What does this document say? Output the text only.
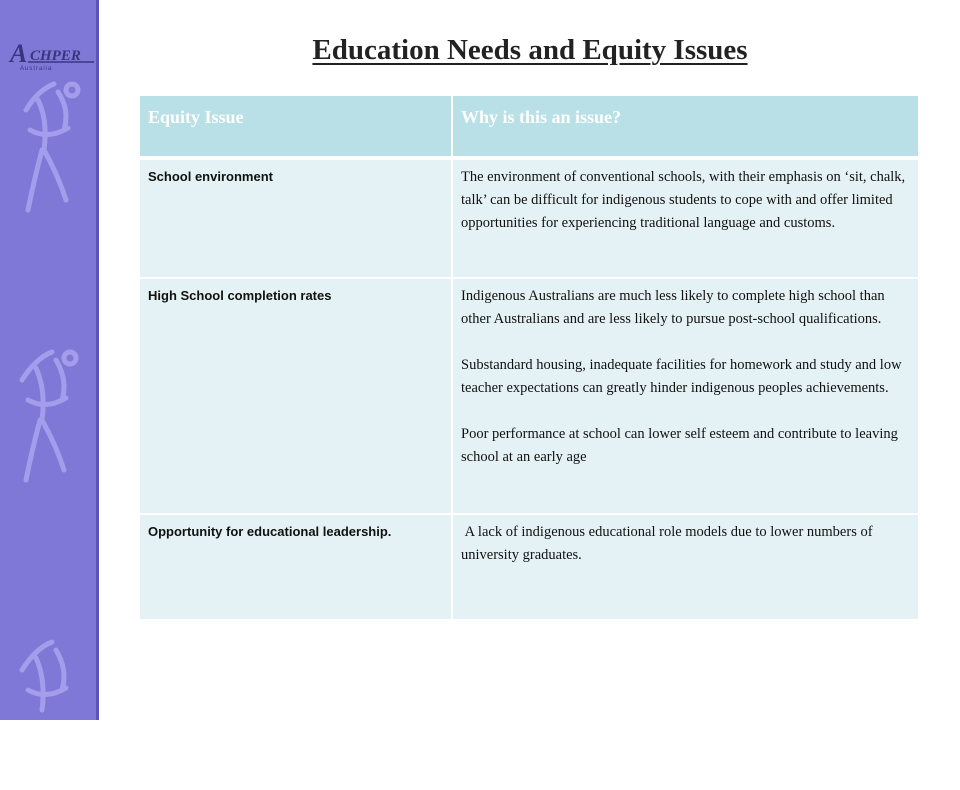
A CHPER
Australia
Education Needs and Equity Issues
Equity Issue	Why is this an issue?
School environment	The environment of conventional schools, with their emphasis on ‘sit, chalk, talk’ can be difficult for indigenous students to cope with and offer limited opportunities for experiencing traditional language and customs.

High School completion rates	Indigenous Australians are much less likely to complete high school than other Australians and are less likely to pursue post-school qualifications.

Substandard housing, inadequate facilities for homework and study and low teacher expectations can greatly hinder indigenous peoples achievements.

Poor performance at school can lower self esteem and contribute to leaving school at an early age

Opportunity for educational leadership.	A lack of indigenous educational role models due to lower numbers of university graduates.
